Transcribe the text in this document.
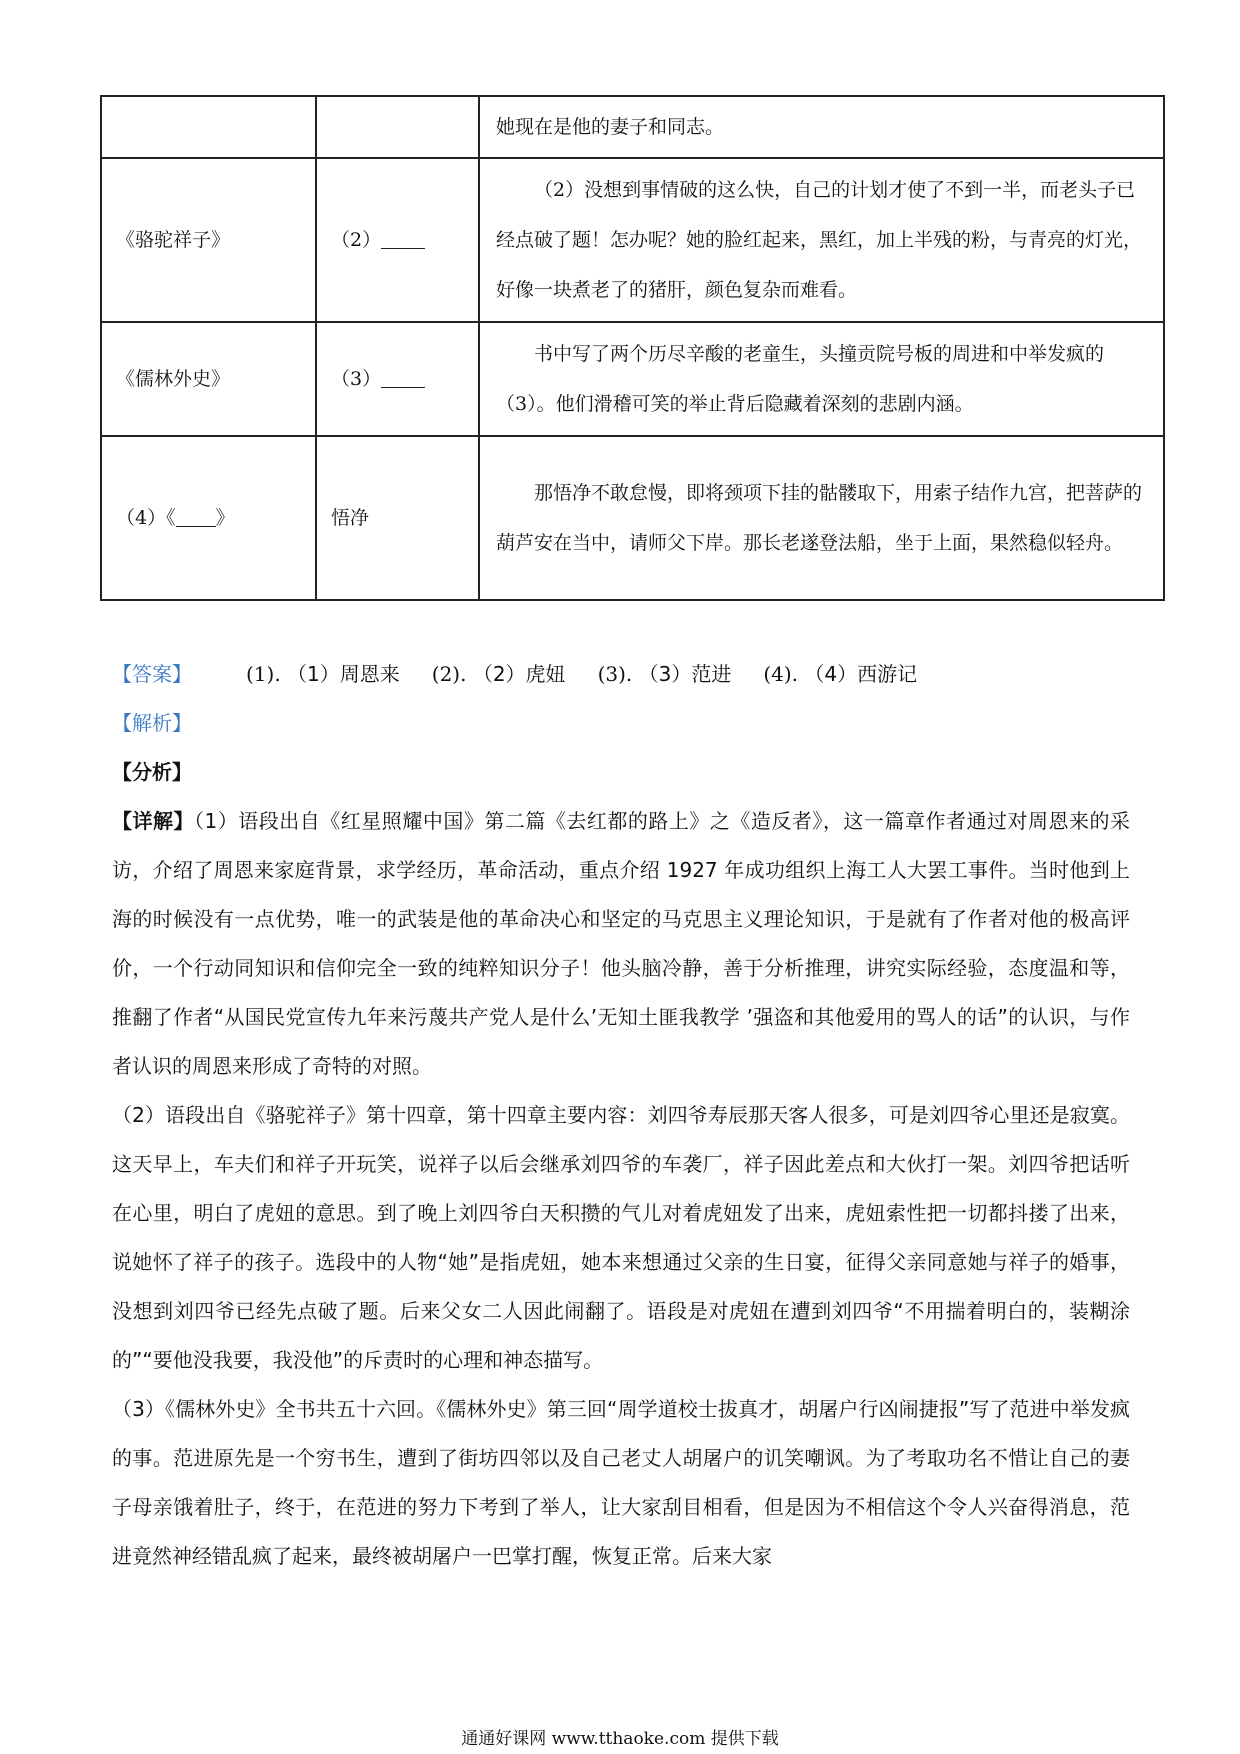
		她现在是他的妻子和同志。
《骆驼祥子》	（2）	（2）没想到事情破的这么快，自己的计划才使了不到一半，而老头子已经点破了题！怎办呢？她的脸红起来，黑红，加上半残的粉，与青亮的灯光，好像一块煮老了的猪肝，颜色复杂而难看。
《儒林外史》	（3）	书中写了两个历尽辛酸的老童生，头撞贡院号板的周进和中举发疯的（3）。他们滑稽可笑的举止背后隐藏着深刻的悲剧内涵。
（4）《 》	悟净	那悟净不敢怠慢，即将颈项下挂的骷髅取下，用索子结作九宫，把菩萨的葫芦安在当中，请师父下岸。那长老遂登法船，坐于上面，果然稳似轻舟。
【答案】	(1). （1）周恩来 (2). （2）虎妞 (3). （3）范进 (4). （4）西游记

【解析】

【分析】

【详解】（1）语段出自《红星照耀中国》第二篇《去红都的路上》之《造反者》，这一篇章作者通过对周恩来的采访，介绍了周恩来家庭背景，求学经历，革命活动，重点介绍 1927 年成功组织上海工人大罢工事件。当时他到上海的时候没有一点优势，唯一的武装是他的革命决心和坚定的马克思主义理论知识，于是就有了作者对他的极高评价，一个行动同知识和信仰完全一致的纯粹知识分子！他头脑冷静，善于分析推理，讲究实际经验，态度温和等，推翻了作者“从国民党宣传九年来污蔑共产党人是什么’无知土匪我教学 ’强盗和其他爱用的骂人的话”的认识，与作者认识的周恩来形成了奇特的对照。

（2）语段出自《骆驼祥子》第十四章，第十四章主要内容：刘四爷寿辰那天客人很多，可是刘四爷心里还是寂寞。这天早上，车夫们和祥子开玩笑，说祥子以后会继承刘四爷的车袭厂，祥子因此差点和大伙打一架。刘四爷把话听在心里，明白了虎妞的意思。到了晚上刘四爷白天积攒的气儿对着虎妞发了出来，虎妞索性把一切都抖搂了出来，说她怀了祥子的孩子。选段中的人物“她”是指虎妞，她本来想通过父亲的生日宴，征得父亲同意她与祥子的婚事，没想到刘四爷已经先点破了题。后来父女二人因此闹翻了。语段是对虎妞在遭到刘四爷“不用揣着明白的，装糊涂的”“要他没我要，我没他”的斥责时的心理和神态描写。

（3）《儒林外史》全书共五十六回。《儒林外史》第三回“周学道校士拔真才，胡屠户行凶闹捷报”写了范进中举发疯的事。范进原先是一个穷书生，遭到了街坊四邻以及自己老丈人胡屠户的讥笑嘲讽。为了考取功名不惜让自己的妻子母亲饿着肚子，终于，在范进的努力下考到了举人，让大家刮目相看，但是因为不相信这个令人兴奋得消息，范进竟然神经错乱疯了起来，最终被胡屠户一巴掌打醒，恢复正常。后来大家

通通好课网 www.tthaoke.com 提供下载
